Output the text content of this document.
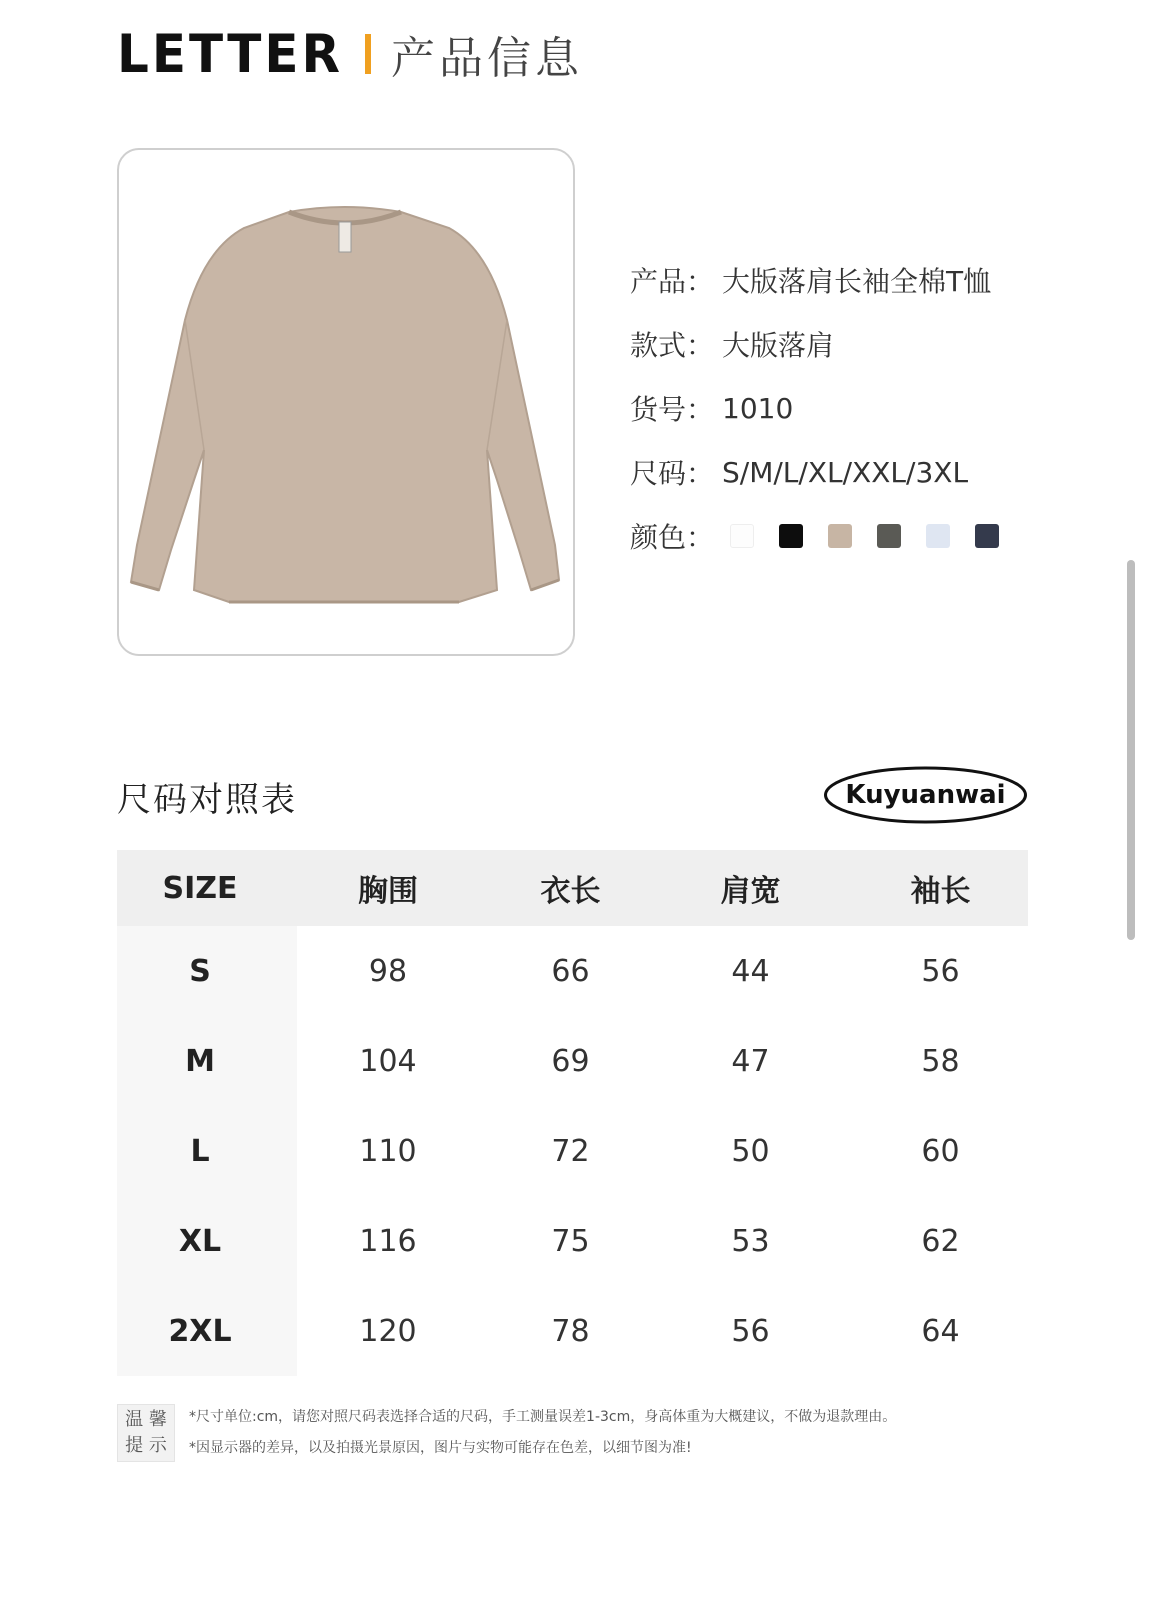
LETTER 产品信息
产品： 大版落肩长袖全棉T恤
款式： 大版落肩
货号： 1010
尺码： S/M/L/XL/XXL/3XL
颜色：
尺码对照表	Kuyuanwai
SIZE	胸围	衣长	肩宽	袖长
S	98	66	44	56
M	104	69	47	58
L	110	72	50	60
XL	116	75	53	62
2XL	120	78	56	64
温 馨
提 示
*尺寸单位:cm，请您对照尺码表选择合适的尺码，手工测量误差1-3cm，身高体重为大概建议，不做为退款理由。
*因显示器的差异，以及拍摄光景原因，图片与实物可能存在色差，以细节图为准!
